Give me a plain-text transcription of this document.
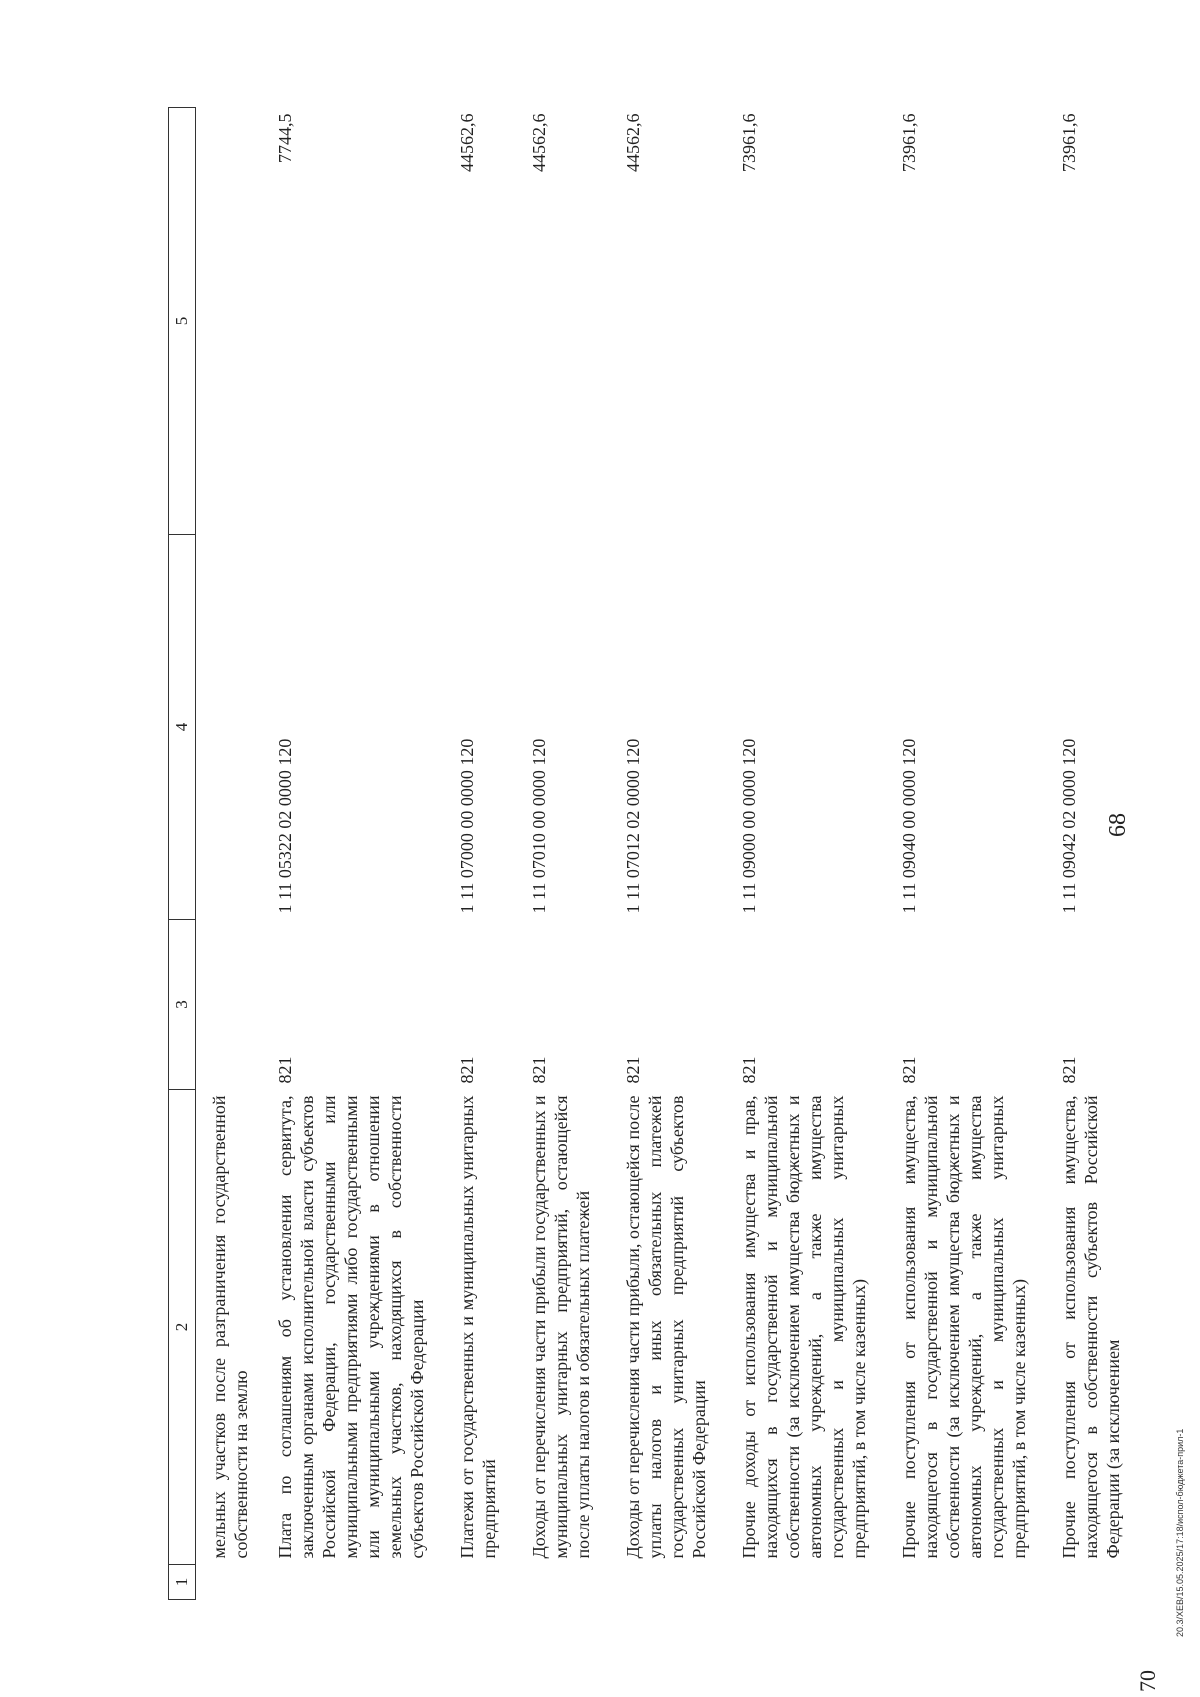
68
1	2	3	4	5
	мельных участков после разграничения государственной собственности на землю			
	Плата по соглашениям об установлении сервитута, заключенным органами исполнительной власти субъектов Российской Федерации, государственными или муниципальными предприятиями либо государственными или муниципальными учреждениями в отношении земельных участков, находящихся в собственности субъектов Российской Федерации	821	1 11 05322 02 0000 120	7744,5
	Платежи от государственных и муниципальных унитарных предприятий	821	1 11 07000 00 0000 120	44562,6
	Доходы от перечисления части прибыли государственных и муниципальных унитарных предприятий, остающейся после уплаты налогов и обязательных платежей	821	1 11 07010 00 0000 120	44562,6
	Доходы от перечисления части прибыли, остающейся после уплаты налогов и иных обязательных платежей государственных унитарных предприятий субъектов Российской Федерации	821	1 11 07012 02 0000 120	44562,6
	Прочие доходы от использования имущества и прав, находящихся в государственной и муниципальной собственности (за исключением имущества бюджетных и автономных учреждений, а также имущества государственных и муниципальных унитарных предприятий, в том числе казенных)	821	1 11 09000 00 0000 120	73961,6
	Прочие поступления от использования имущества, находящегося в государственной и муниципальной собственности (за исключением имущества бюджетных и автономных учреждений, а также имущества государственных и муниципальных унитарных предприятий, в том числе казенных)	821	1 11 09040 00 0000 120	73961,6
	Прочие поступления от использования имущества, находящегося в собственности субъектов Российской Федерации (за исключением	821	1 11 09042 02 0000 120	73961,6
70
20.3/ХЕВ/15.05.2025/17:18/испол-бюджета-прил-1
